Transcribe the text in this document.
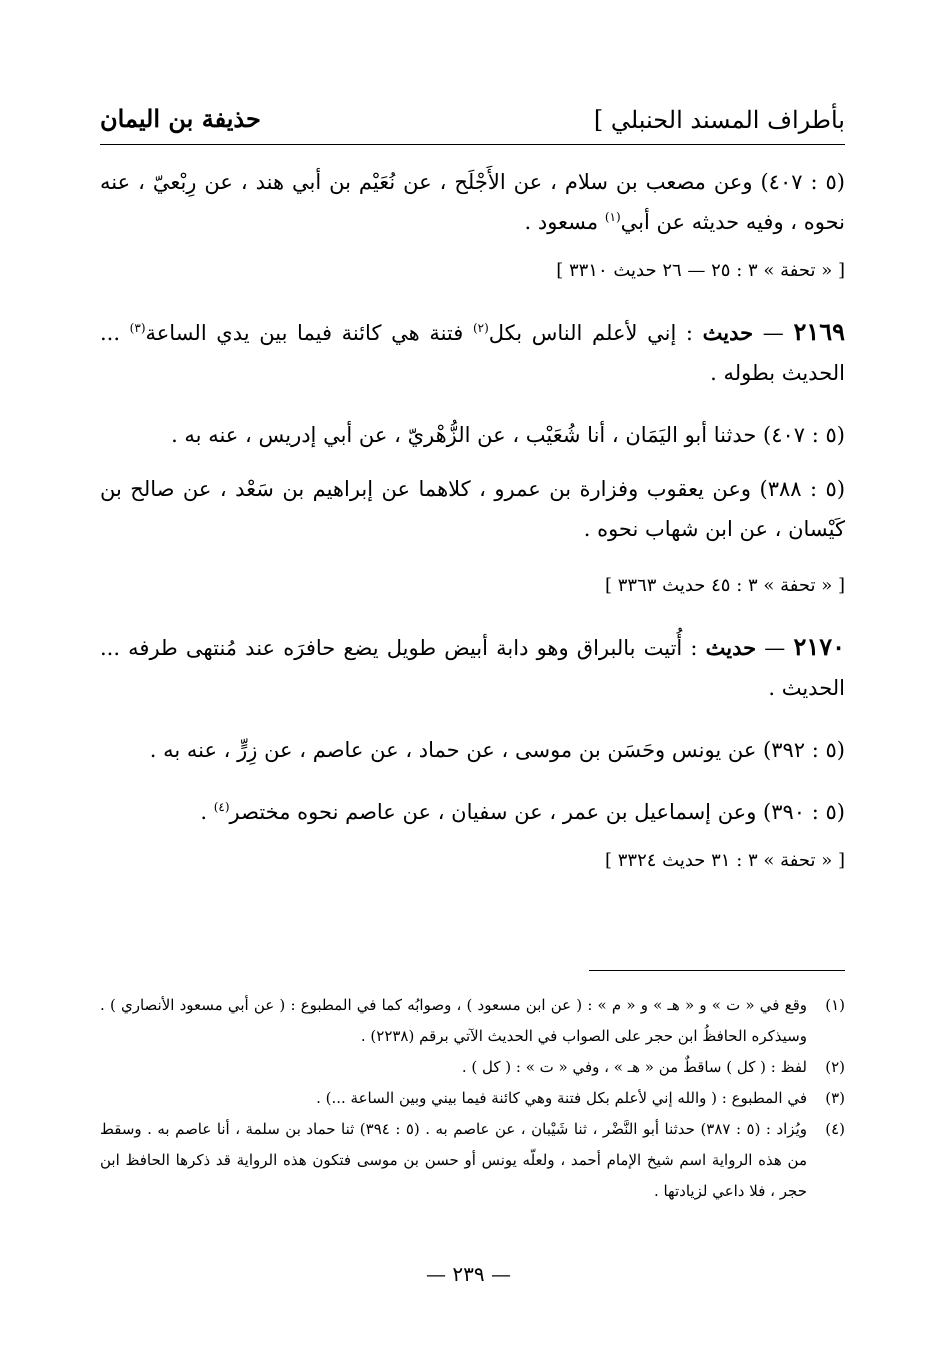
بأطراف المسند الحنبلي ]
حذيفة بن اليمان

(٥ : ٤٠٧) وعن مصعب بن سلام ، عن الأَجْلَح ، عن نُعَيْم بن أبي هند ، عن رِبْعيّ ، عنه نحوه ، وفيه حديثه عن أبي$^{(١)}$ مسعود .

[ « تحفة » ٣ : ٢٥ — ٢٦ حديث ٣٣١٠ ]

٢١٦٩ — حديث : إني لأعلم الناس بكل$^{(٢)}$ فتنة هي كائنة فيما بين يدي الساعة$^{(٣)}$ ... الحديث بطوله .

(٥ : ٤٠٧) حدثنا أبو اليَمَان ، أنا شُعَيْب ، عن الزُّهْريّ ، عن أبي إدريس ، عنه به .

(٥ : ٣٨٨) وعن يعقوب وفزارة بن عمرو ، كلاهما عن إبراهيم بن سَعْد ، عن صالح بن كَيْسان ، عن ابن شهاب نحوه .

[ « تحفة » ٣ : ٤٥ حديث ٣٣٦٣ ]

٢١٧٠ — حديث : أُتيت بالبراق وهو دابة أبيض طويل يضع حافرَه عند مُنتهى طرفه ... الحديث .

(٥ : ٣٩٢) عن يونس وحَسَن بن موسى ، عن حماد ، عن عاصم ، عن زِرٍّ ، عنه به .

(٥ : ٣٩٠) وعن إسماعيل بن عمر ، عن سفيان ، عن عاصم نحوه مختصر$^{(٤)}$ .

[ « تحفة » ٣ : ٣١ حديث ٣٣٢٤ ]

(١)
وقع في « ت » و « هـ » و « م » : ( عن ابن مسعود ) ، وصوابُه كما في المطبوع : ( عن أبي مسعود الأنصاري ) . وسيذكره الحافظُ ابن حجر على الصواب في الحديث الآتي برقم (٢٢٣٨) .
(٢)
لفظ : ( كل ) ساقطٌ من « هـ » ، وفي « ت » : ( كل ) .
(٣)
في المطبوع : ( والله إني لأعلم بكل فتنة وهي كائنة فيما بيني وبين الساعة ...) .
(٤)
ويُزاد : (٥ : ٣٨٧) حدثنا أبو النَّضْر ، ثنا شَيْبان ، عن عاصم به . (٥ : ٣٩٤) ثنا حماد بن سلمة ، أنا عاصم به . وسقط من هذه الرواية اسم شيخ الإمام أحمد ، ولعلّه يونس أو حسن بن موسى فتكون هذه الرواية قد ذكرها الحافظ ابن حجر ، فلا داعي لزيادتها .
— ٢٣٩ —
